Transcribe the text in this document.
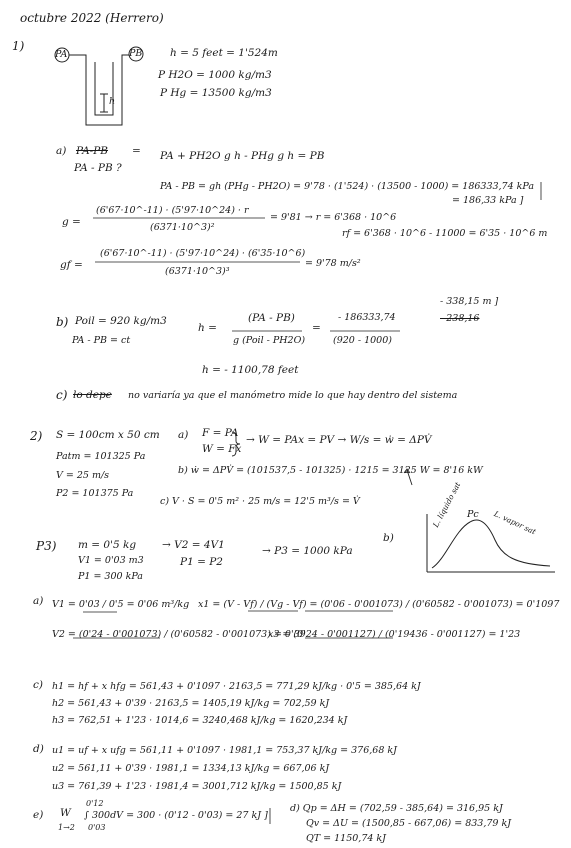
octubre 2022 (Herrero)
1)
PA	PB
h
h = 5 feet = 1'524m
P H2O = 1000 kg/m3
P Hg = 13500 kg/m3
a) PA-PB =
PA - PB ?
PA + PH2O g h - PHg g h = PB
PA - PB = gh (PHg - PH2O) = 9'78 · (1'524) · (13500 - 1000) = 186333,74 kPa
= 186,33 kPa ]
g =
(6'67·10^-11) · (5'97·10^24) · r
(6371·10^3)²
= 9'81 → r = 6'368 · 10^6
rf = 6'368 · 10^6 - 11000 = 6'35 · 10^6 m
gf =
(6'67·10^-11) · (5'97·10^24) · (6'35·10^6)
(6371·10^3)³
= 9'78 m/s²
b) Poil = 920 kg/m3
PA - PB = ct
h =
(PA - PB)
g (Poil - PH2O)
=
- 186333,74
(920 - 1000)
- 338,15 m ]
- 238,16
h = - 1100,78 feet
c) lo depe no variaría ya que el manómetro mide lo que hay dentro del sistema
2) S = 100cm x 50 cm
Patm = 101325 Pa
V = 25 m/s
P2 = 101375 Pa
a) F = PA
W = Fx
→ W = PAx = PV → W/s = ẇ = ΔPV̇
b) ẇ = ΔPV̇ = (101537,5 - 101325) · 1215 = 3125 W = 8'16 kW
c) V · S = 0'5 m² · 25 m/s = 12'5 m³/s = V̇
P3) m = 0'5 kg
V1 = 0'03 m3
P1 = 300 kPa
→ V2 = 4V1
P1 = P2
→ P3 = 1000 kPa
b)
Pc
L. líquido sat	L. vapor sat
a) V1 = 0'03 / 0'5 = 0'06 m³/kg x1 = (V - Vf) / (Vg - Vf) = (0'06 - 0'001073) / (0'60582 - 0'001073) = 0'1097
V2 = (0'24 - 0'001073) / (0'60582 - 0'001073) = 0'39
x3 = (0'24 - 0'001127) / (0'19436 - 0'001127) = 1'23
c) h1 = hf + x hfg = 561,43 + 0'1097 · 2163,5 = 771,29 kJ/kg · 0'5 = 385,64 kJ
h2 = 561,43 + 0'39 · 2163,5 = 1405,19 kJ/kg = 702,59 kJ
h3 = 762,51 + 1'23 · 1014,6 = 3240,468 kJ/kg = 1620,234 kJ
d) u1 = uf + x ufg = 561,11 + 0'1097 · 1981,1 = 753,37 kJ/kg = 376,68 kJ
u2 = 561,11 + 0'39 · 1981,1 = 1334,13 kJ/kg = 667,06 kJ
u3 = 761,39 + 1'23 · 1981,4 = 3001,712 kJ/kg = 1500,85 kJ
e) W
1→2
∫ 300dV = 300 · (0'12 - 0'03) = 27 kJ ]
0'12
0'03
d) Qp = ΔH = (702,59 - 385,64) = 316,95 kJ
Qv = ΔU = (1500,85 - 667,06) = 833,79 kJ
QT = 1150,74 kJ
